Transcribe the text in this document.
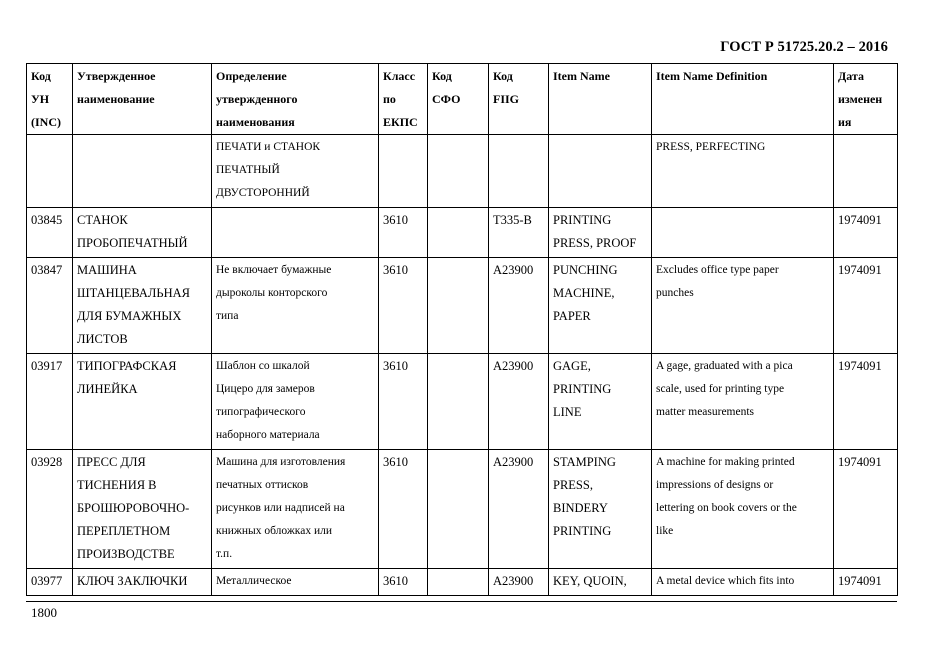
ГОСТ Р 51725.20.2 – 2016
Код
УН
(INC)	Утвержденное
наименование	Определение
утвержденного
наименования	Класс
по
ЕКПС	Код
СФО	Код
FIIG	Item Name	Item Name Definition	Дата
изменен
ия

		ПЕЧАТИ и СТАНОК
ПЕЧАТНЫЙ
ДВУСТОРОННИЙ					PRESS, PERFECTING	

03845	СТАНОК
ПРОБОПЕЧАТНЫЙ		3610		T335-B	PRINTING
PRESS, PROOF		1974091

03847	МАШИНА
ШТАНЦЕВАЛЬНАЯ
ДЛЯ БУМАЖНЫХ
ЛИСТОВ	Не включает бумажные
дыроколы конторского
типа	3610		A23900	PUNCHING
MACHINE,
PAPER	Excludes office type paper
punches	1974091

03917	ТИПОГРАФСКАЯ
ЛИНЕЙКА	Шаблон со шкалой
Цицеро для замеров
типографического
наборного материала	3610		A23900	GAGE,
PRINTING
LINE	A gage, graduated with a pica
scale, used for printing type
matter measurements	1974091

03928	ПРЕСС ДЛЯ
ТИСНЕНИЯ В
БРОШЮРОВОЧНО-
ПЕРЕПЛЕТНОМ
ПРОИЗВОДСТВЕ	Машина для изготовления
печатных оттисков
рисунков или надписей на
книжных обложках или
т.п.	3610		A23900	STAMPING
PRESS,
BINDERY
PRINTING	A machine for making printed
impressions of designs or
lettering on book covers or the
like	1974091

03977	КЛЮЧ ЗАКЛЮЧКИ	Металлическое	3610		A23900	KEY, QUOIN,	A metal device which fits into	1974091
1800
